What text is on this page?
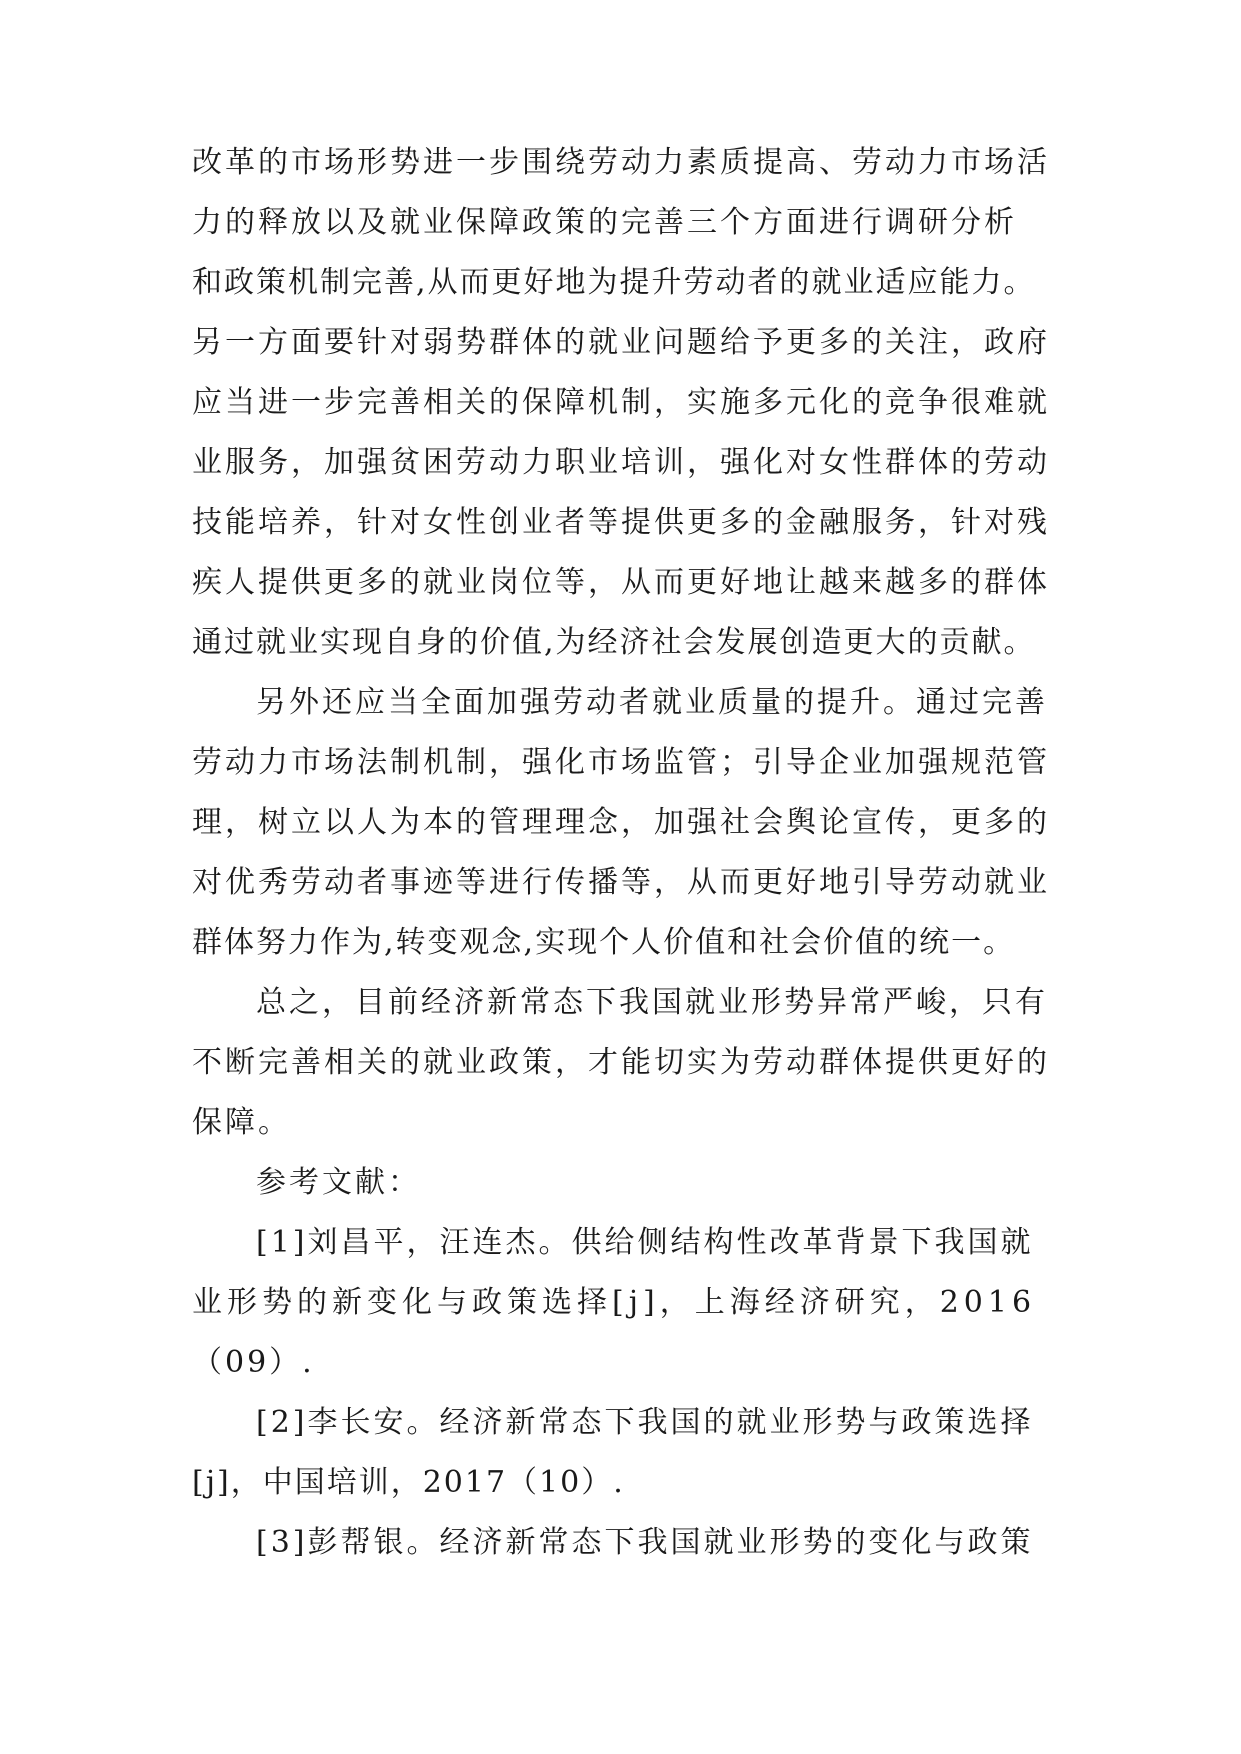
改革的市场形势进一步围绕劳动力素质提高、劳动力市场活
力的释放以及就业保障政策的完善三个方面进行调研分析
和政策机制完善,从而更好地为提升劳动者的就业适应能力。
另一方面要针对弱势群体的就业问题给予更多的关注，政府
应当进一步完善相关的保障机制，实施多元化的竞争很难就
业服务，加强贫困劳动力职业培训，强化对女性群体的劳动
技能培养，针对女性创业者等提供更多的金融服务，针对残
疾人提供更多的就业岗位等，从而更好地让越来越多的群体
通过就业实现自身的价值,为经济社会发展创造更大的贡献。
另外还应当全面加强劳动者就业质量的提升。通过完善
劳动力市场法制机制，强化市场监管；引导企业加强规范管
理，树立以人为本的管理理念，加强社会舆论宣传，更多的
对优秀劳动者事迹等进行传播等，从而更好地引导劳动就业
群体努力作为,转变观念,实现个人价值和社会价值的统一。
总之，目前经济新常态下我国就业形势异常严峻，只有
不断完善相关的就业政策，才能切实为劳动群体提供更好的
保障。
参考文献：
[1]刘昌平，汪连杰。供给侧结构性改革背景下我国就
业形势的新变化与政策选择[j]，上海经济研究，2016
（09）.
[2]李长安。经济新常态下我国的就业形势与政策选择
[j]，中国培训，2017（10）.
[3]彭帮银。经济新常态下我国就业形势的变化与政策
